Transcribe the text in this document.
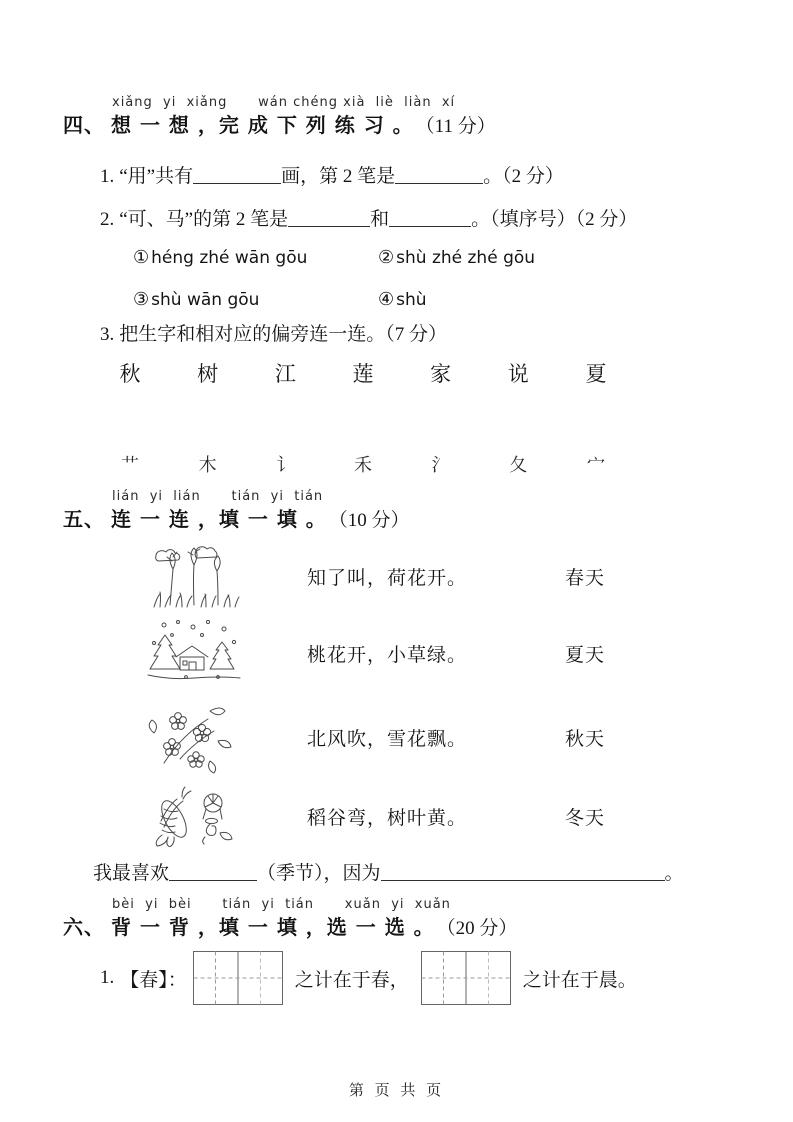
xiǎng  yi  xiǎng      wán chéng xià  liè  liàn  xí
四、 想 一 想 ，完 成 下 列 练 习 。 （11 分）
1. “用”共有	画，第 2 笔是	。（2 分）
2. “可、马”的第 2 笔是	和	。（填序号）（2 分）
① héng zhé wān gōu	② shù zhé zhé gōu
③ shù wān gōu	④ shù
3. 把生字和相对应的偏旁连一连。（7 分）
秋	树	江	莲	家	说	夏
艹	木	讠	禾	氵	夂	宀
lián  yi  lián      tián  yi  tián
五、 连 一 连 ，填 一 填 。 （10 分）
知了叫，荷花开。	春天
桃花开，小草绿。	夏天
北风吹，雪花飘。	秋天
稻谷弯，树叶黄。	冬天
我最喜欢	（季节），因为	。
bèi  yi  bèi      tián  yi  tián      xuǎn  yi  xuǎn
六、 背 一 背 ，填 一 填 ，选 一 选 。 （20 分）
1. 【春】：	之计在于春，	之计在于晨。
第 页 共 页
